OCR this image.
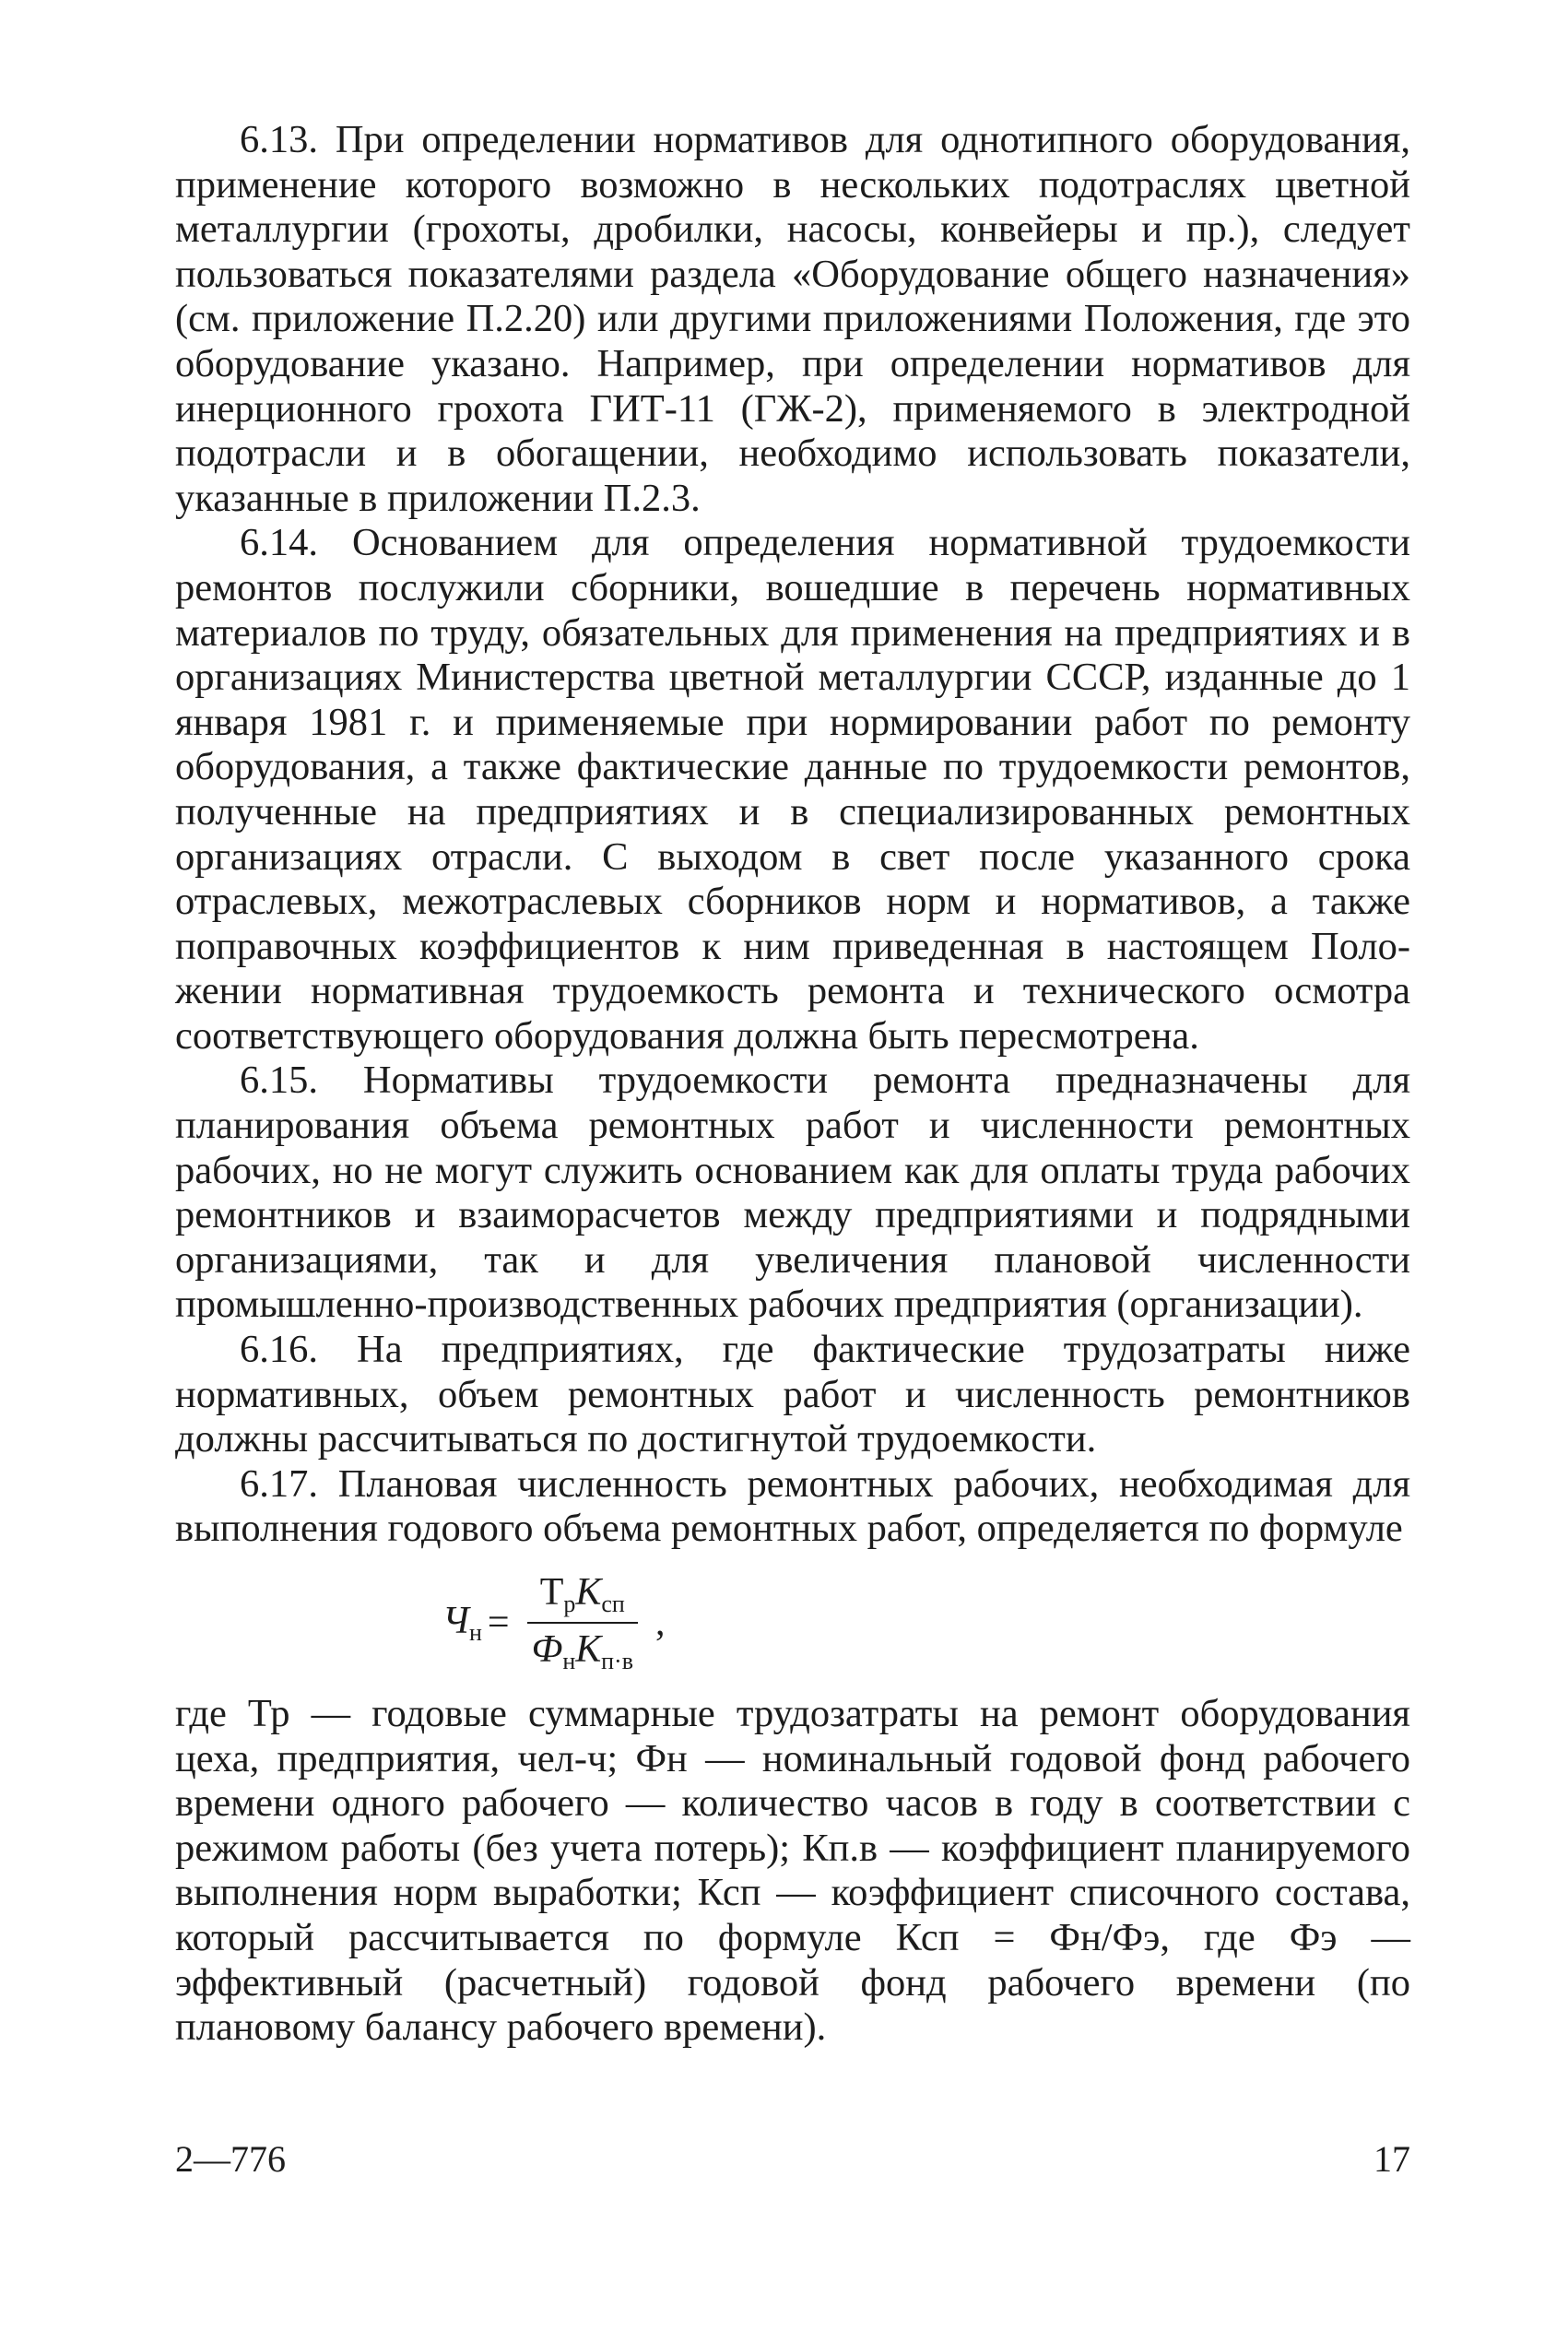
6.13. При определении нормативов для однотипного оборудования, применение которого возможно в нескольких подотраслях цветной металлургии (грохоты, дробилки, насосы, конвейеры и пр.), следует пользоваться показателями раздела «Оборудование общего назначения» (см. приложение П.2.20) или другими приложениями Положения, где это оборудование указано. Например, при определении нормативов для инерционного грохота ГИТ-11 (ГЖ-2), применяемого в электродной подотрасли и в обогащении, необходимо использовать показатели, указанные в приложении П.2.3.

6.14. Основанием для определения нормативной трудоемкости ремонтов послужили сборники, вошедшие в перечень нормативных материалов по труду, обязательных для применения на предприятиях и в организациях Министерства цветной металлургии СССР, изданные до 1 января 1981 г. и применяемые при нормировании работ по ремонту оборудования, а также фактические данные по трудоемкости ремонтов, полученные на предприятиях и в специализированных ремонтных организациях отрасли. С выходом в свет после указанного срока отраслевых, межотраслевых сборников норм и нормативов, а также поправочных коэффициентов к ним приведенная в настоящем Положении нормативная трудоемкость ремонта и технического осмотра соответствующего оборудования должна быть пересмотрена.

6.15. Нормативы трудоемкости ремонта предназначены для планирования объема ремонтных работ и численности ремонтных рабочих, но не могут служить основанием как для оплаты труда рабочих ремонтников и взаиморасчетов между предприятиями и подрядными организациями, так и для увеличения плановой численности промышленно-производственных рабочих предприятия (организации).

6.16. На предприятиях, где фактические трудозатраты ниже нормативных, объем ремонтных работ и численность ремонтников должны рассчитываться по достигнутой трудоемкости.

6.17. Плановая численность ремонтных рабочих, необходимая для выполнения годового объема ремонтных работ, определяется по формуле

$Ч_н = \frac{Т_рК_{сп}}{Ф_нК_{п\cdot в}}$ ,

где Тр — годовые суммарные трудозатраты на ремонт оборудования цеха, предприятия, чел-ч; Фн — номинальный годовой фонд рабочего времени одного рабочего — количество часов в году в соответствии с режимом работы (без учета потерь); Кп.в — коэффициент планируемого выполнения норм выработки; Ксп — коэффициент списочного состава, который рассчитывается по формуле Ксп = Фн/Фэ, где Фэ — эффективный (расчетный) годовой фонд рабочего времени (по плановому балансу рабочего времени).

2—776	17
